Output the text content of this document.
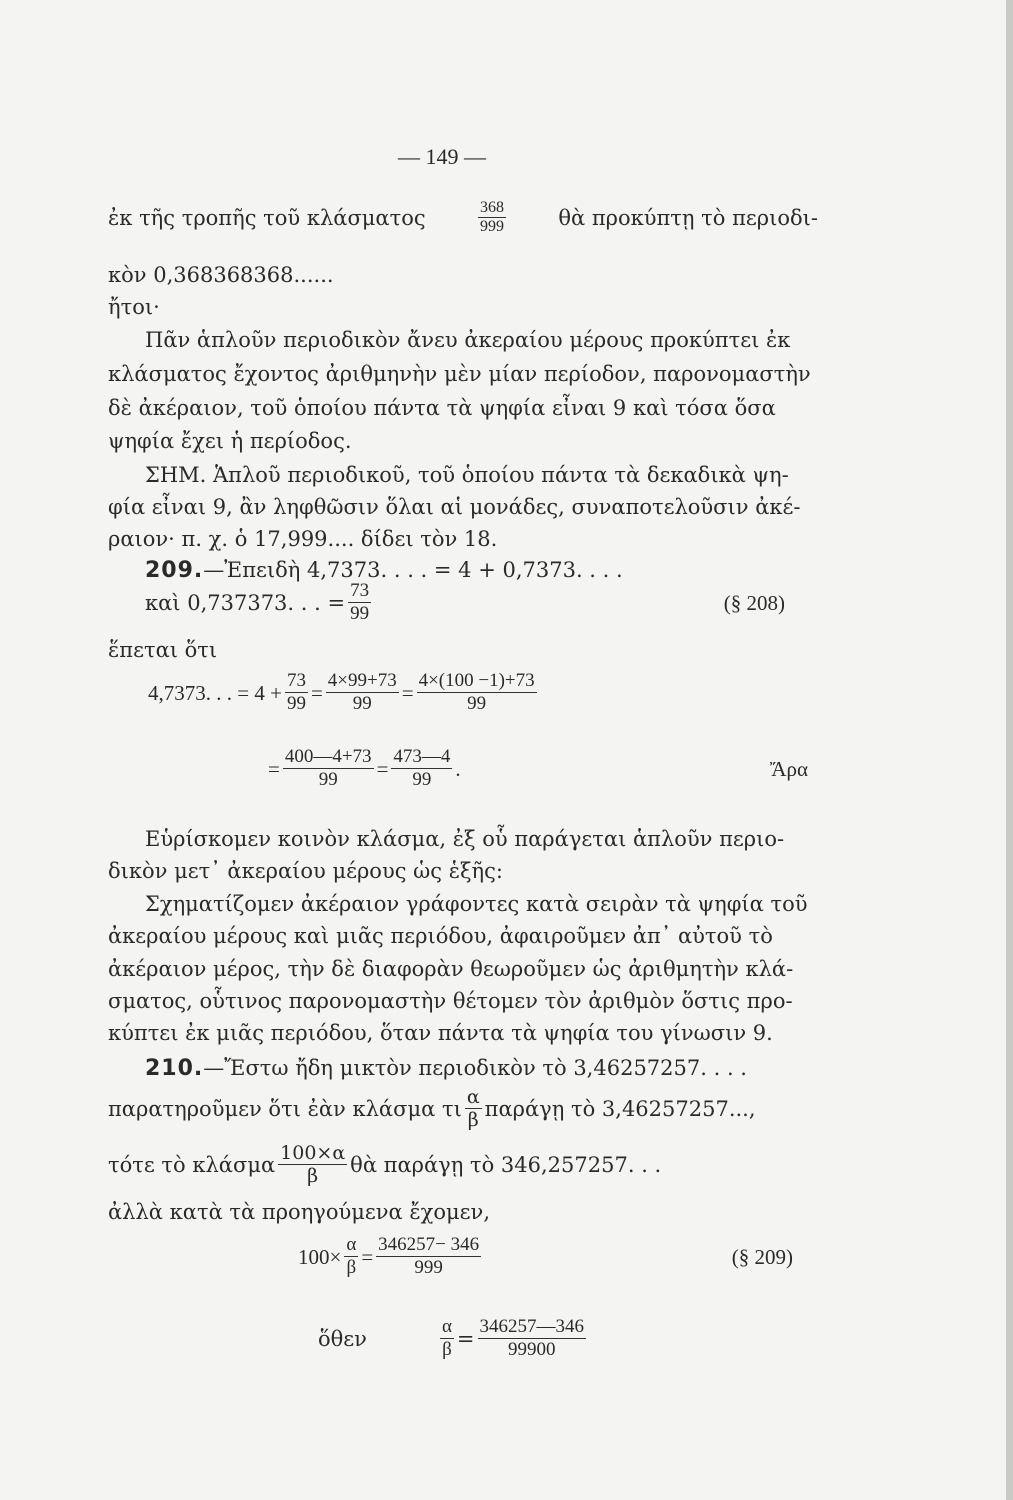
— 149 —
ἐκ τῆς τροπῆς τοῦ κλάσματος	$\frac{368}{999}$ θὰ προκύπτῃ τὸ περιοδι-
κὸν 0,368368368......
ἤτοι·
Πᾶν ἁπλοῦν περιοδικὸν ἄνευ ἀκεραίου μέρους προκύπτει ἐκ
κλάσματος ἔχοντος ἀριθμηνὴν μὲν μίαν περίοδον, παρονομαστὴν
δὲ ἀκέραιον, τοῦ ὁποίου πάντα τὰ ψηφία εἶναι 9 καὶ τόσα ὅσα
ψηφία ἔχει ἡ περίοδος.
ΣΗΜ. Ἁπλοῦ περιοδικοῦ, τοῦ ὁποίου πάντα τὰ δεκαδικὰ ψη-
φία εἶναι 9, ἂν ληφθῶσιν ὅλαι αἱ μονάδες, συναποτελοῦσιν ἀκέ-
ραιον· π. χ. ὁ 17,999.... δίδει τὸν 18.
209.—Ἐπειδὴ 4,7373. . . . = 4 + 0,7373. . . .
καὶ 0,737373. . . = $\frac{73}{99}$	(§ 208)
ἕπεται ὅτι
4,7373. . . = $4 + \frac{73}{99} = \frac{4\times 99+73}{99} = \frac{4\times(100 -1)+73}{99}$
= $\frac{400—4+73}{99} = \frac{473—4}{99}$ .	Ἄρα
Εὑρίσκομεν κοινὸν κλάσμα, ἐξ οὗ παράγεται ἁπλοῦν περιο-
δικὸν μετ᾽ ἀκεραίου μέρους ὡς ἑξῆς:
Σχηματίζομεν ἀκέραιον γράφοντες κατὰ σειρὰν τὰ ψηφία τοῦ
ἀκεραίου μέρους καὶ μιᾶς περιόδου, ἀφαιροῦμεν ἀπ᾽ αὐτοῦ τὸ
ἀκέραιον μέρος, τὴν δὲ διαφορὰν θεωροῦμεν ὡς ἀριθμητὴν κλά-
σματος, οὗτινος παρονομαστὴν θέτομεν τὸν ἀριθμὸν ὅστις προ-
κύπτει ἐκ μιᾶς περιόδου, ὅταν πάντα τὰ ψηφία του γίνωσιν 9.
210.—Ἔστω ἤδη μικτὸν περιοδικὸν τὸ 3,46257257. . . .
παρατηροῦμεν ὅτι ἐὰν κλάσμα τι $\frac{\alpha}{\beta}$ παράγῃ τὸ 3,46257257...,
τότε τὸ κλάσμα $\frac{100\times\alpha}{\beta}$ θὰ παράγῃ τὸ 346,257257. . .
ἀλλὰ κατὰ τὰ προηγούμενα ἔχομεν,
$100\times \frac{\alpha}{\beta} = \frac{346257- 346}{999}$	(§ 209)
ὅθεν	$\frac{\alpha}{\beta} = \frac{346257—346}{99900}$
